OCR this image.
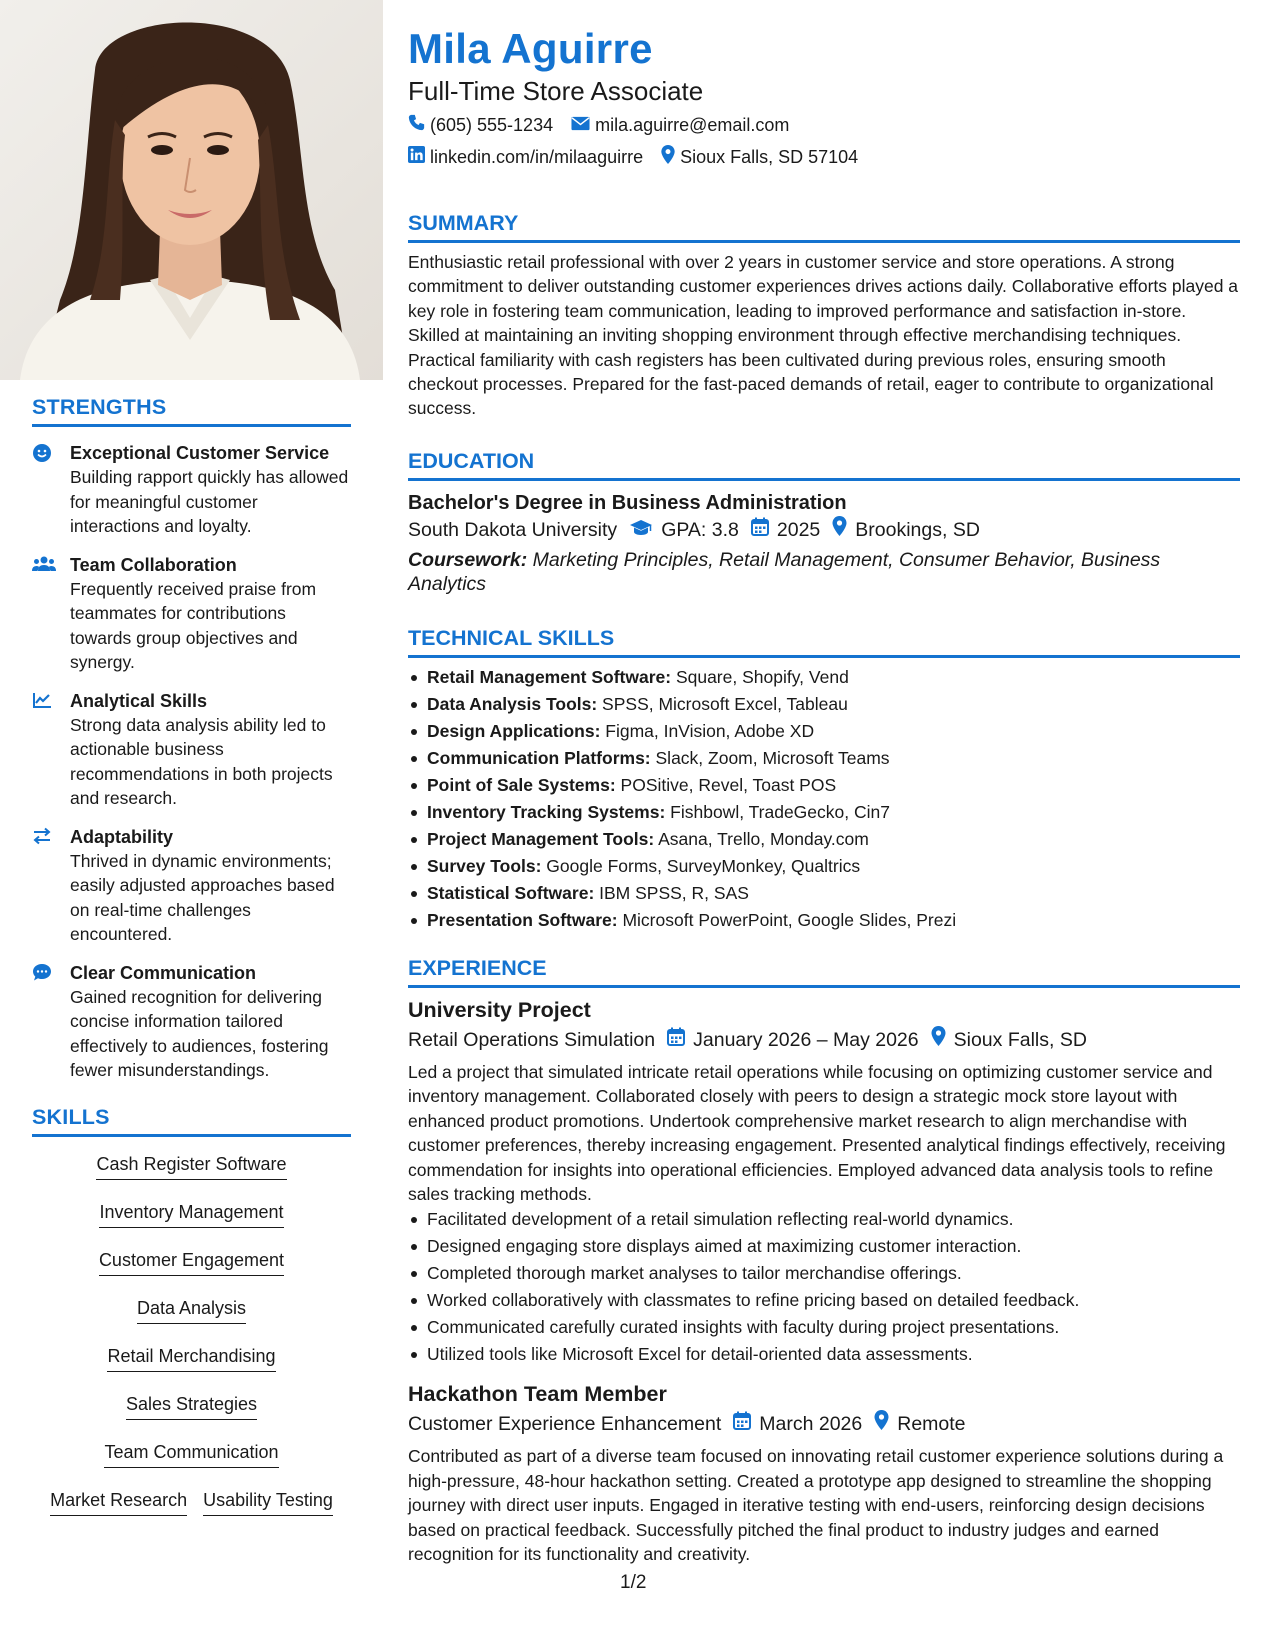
STRENGTHS
Exceptional Customer Service
Building rapport quickly has allowed for meaningful customer interactions and loyalty.
Team Collaboration
Frequently received praise from teammates for contributions towards group objectives and synergy.
Analytical Skills
Strong data analysis ability led to actionable business recommendations in both projects and research.
Adaptability
Thrived in dynamic environments; easily adjusted approaches based on real-time challenges encountered.
Clear Communication
Gained recognition for delivering concise information tailored effectively to audiences, fostering fewer misunderstandings.
SKILLS
Cash Register Software
Inventory Management
Customer Engagement
Data Analysis
Retail Merchandising
Sales Strategies
Team Communication
Market Research Usability Testing
Mila Aguirre
Full-Time Store Associate
(605) 555-1234 mila.aguirre@email.com
linkedin.com/in/milaaguirre Sioux Falls, SD 57104
SUMMARY
Enthusiastic retail professional with over 2 years in customer service and store operations. A strong commitment to deliver outstanding customer experiences drives actions daily. Collaborative efforts played a key role in fostering team communication, leading to improved performance and satisfaction in-store. Skilled at maintaining an inviting shopping environment through effective merchandising techniques. Practical familiarity with cash registers has been cultivated during previous roles, ensuring smooth checkout processes. Prepared for the fast-paced demands of retail, eager to contribute to organizational success.
EDUCATION
Bachelor's Degree in Business Administration
South Dakota University GPA: 3.8 2025 Brookings, SD
Coursework: Marketing Principles, Retail Management, Consumer Behavior, Business Analytics
TECHNICAL SKILLS
Retail Management Software: Square, Shopify, Vend
Data Analysis Tools: SPSS, Microsoft Excel, Tableau
Design Applications: Figma, InVision, Adobe XD
Communication Platforms: Slack, Zoom, Microsoft Teams
Point of Sale Systems: POSitive, Revel, Toast POS
Inventory Tracking Systems: Fishbowl, TradeGecko, Cin7
Project Management Tools: Asana, Trello, Monday.com
Survey Tools: Google Forms, SurveyMonkey, Qualtrics
Statistical Software: IBM SPSS, R, SAS
Presentation Software: Microsoft PowerPoint, Google Slides, Prezi
EXPERIENCE
University Project
Retail Operations Simulation January 2026 – May 2026 Sioux Falls, SD
Led a project that simulated intricate retail operations while focusing on optimizing customer service and inventory management. Collaborated closely with peers to design a strategic mock store layout with enhanced product promotions. Undertook comprehensive market research to align merchandise with customer preferences, thereby increasing engagement. Presented analytical findings effectively, receiving commendation for insights into operational efficiencies. Employed advanced data analysis tools to refine sales tracking methods.
Facilitated development of a retail simulation reflecting real-world dynamics.
Designed engaging store displays aimed at maximizing customer interaction.
Completed thorough market analyses to tailor merchandise offerings.
Worked collaboratively with classmates to refine pricing based on detailed feedback.
Communicated carefully curated insights with faculty during project presentations.
Utilized tools like Microsoft Excel for detail-oriented data assessments.
Hackathon Team Member
Customer Experience Enhancement March 2026 Remote
Contributed as part of a diverse team focused on innovating retail customer experience solutions during a high-pressure, 48-hour hackathon setting. Created a prototype app designed to streamline the shopping journey with direct user inputs. Engaged in iterative testing with end-users, reinforcing design decisions based on practical feedback. Successfully pitched the final product to industry judges and earned recognition for its functionality and creativity.
1/2
